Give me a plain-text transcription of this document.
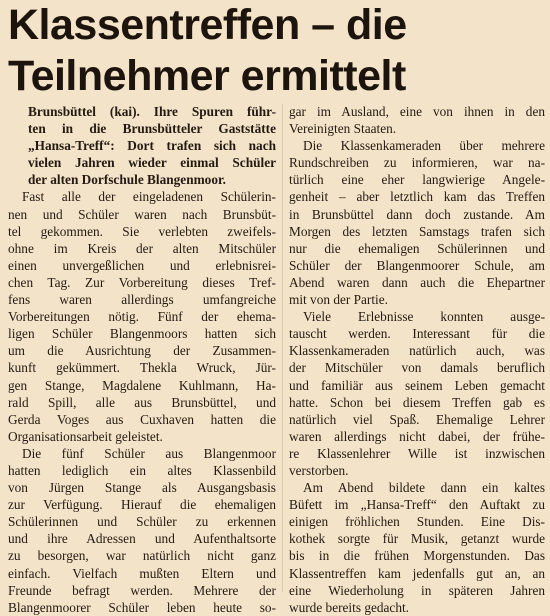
Klassentreffen – die
Teilnehmer ermittelt
Brunsbüttel (kai). Ihre Spuren führ-
ten in die Brunsbütteler Gaststätte
„Hansa-Treff“: Dort trafen sich nach
vielen Jahren wieder einmal Schüler
der alten Dorfschule Blangenmoor.
Fast alle der eingeladenen Schülerin-
nen und Schüler waren nach Brunsbüt-
tel gekommen. Sie verlebten zweifels-
ohne im Kreis der alten Mitschüler
einen unvergeßlichen und erlebnisrei-
chen Tag. Zur Vorbereitung dieses Tref-
fens waren allerdings umfangreiche
Vorbereitungen nötig. Fünf der ehema-
ligen Schüler Blangenmoors hatten sich
um die Ausrichtung der Zusammen-
kunft gekümmert. Thekla Wruck, Jür-
gen Stange, Magdalene Kuhlmann, Ha-
rald Spill, alle aus Brunsbüttel, und
Gerda Voges aus Cuxhaven hatten die
Organisationsarbeit geleistet.
Die fünf Schüler aus Blangenmoor
hatten lediglich ein altes Klassenbild
von Jürgen Stange als Ausgangsbasis
zur Verfügung. Hierauf die ehemaligen
Schülerinnen und Schüler zu erkennen
und ihre Adressen und Aufenthaltsorte
zu besorgen, war natürlich nicht ganz
einfach. Vielfach mußten Eltern und
Freunde befragt werden. Mehrere der
Blangenmoorer Schüler leben heute so-
gar im Ausland, eine von ihnen in den
Vereinigten Staaten.
Die Klassenkameraden über mehrere
Rundschreiben zu informieren, war na-
türlich eine eher langwierige Angele-
genheit – aber letztlich kam das Treffen
in Brunsbüttel dann doch zustande. Am
Morgen des letzten Samstags trafen sich
nur die ehemaligen Schülerinnen und
Schüler der Blangenmoorer Schule, am
Abend waren dann auch die Ehepartner
mit von der Partie.
Viele Erlebnisse konnten ausge-
tauscht werden. Interessant für die
Klassenkameraden natürlich auch, was
der Mitschüler von damals beruflich
und familiär aus seinem Leben gemacht
hatte. Schon bei diesem Treffen gab es
natürlich viel Spaß. Ehemalige Lehrer
waren allerdings nicht dabei, der frühe-
re Klassenlehrer Wille ist inzwischen
verstorben.
Am Abend bildete dann ein kaltes
Büfett im „Hansa-Treff“ den Auftakt zu
einigen fröhlichen Stunden. Eine Dis-
kothek sorgte für Musik, getanzt wurde
bis in die frühen Morgenstunden. Das
Klassentreffen kam jedenfalls gut an, an
eine Wiederholung in späteren Jahren
wurde bereits gedacht.
